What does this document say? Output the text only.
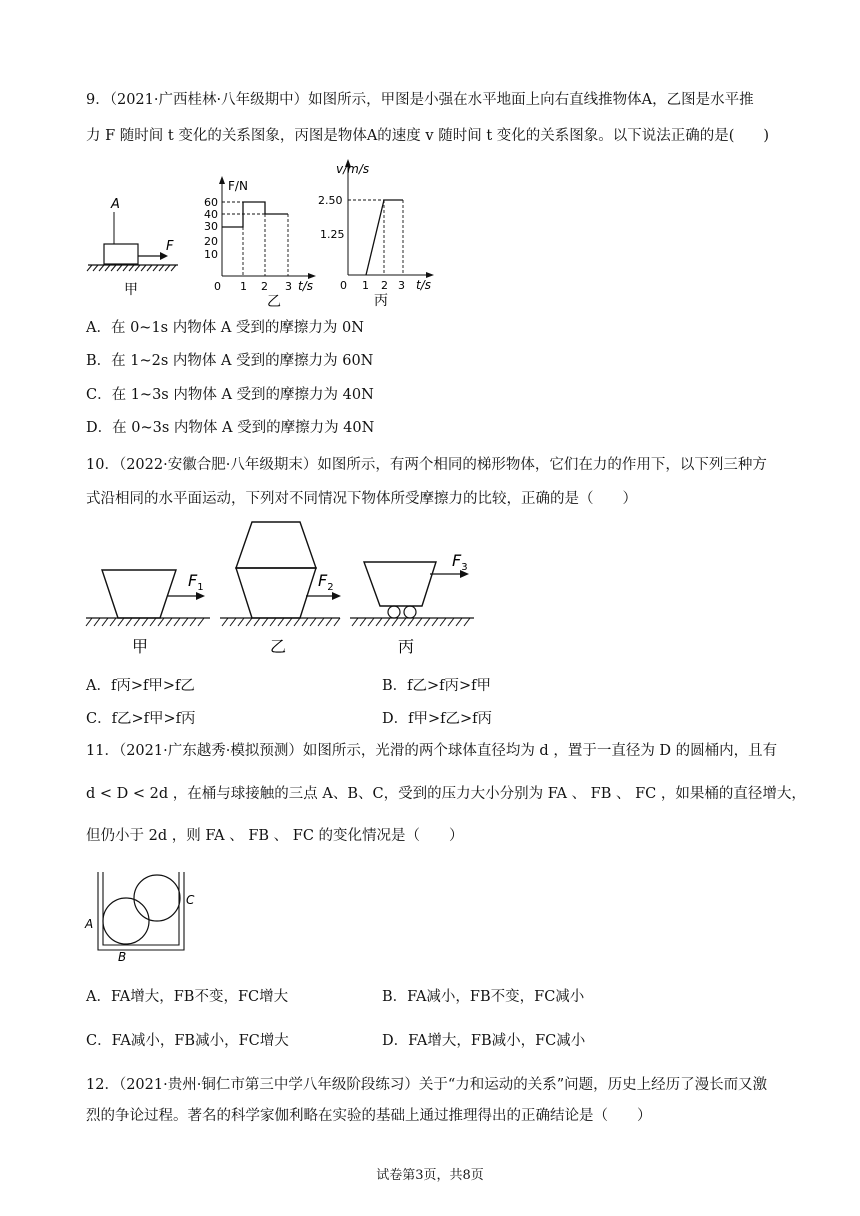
9．（2021·广西桂林·八年级期中）如图所示，甲图是小强在水平地面上向右直线推物体A，乙图是水平推
力 F 随时间 t 变化的关系图象，丙图是物体A的速度 v 随时间 t 变化的关系图象。以下说法正确的是(　　)
A
F
甲
F/N
60
40
30
20
10
0 1 2 3 t/s
乙
v/m/s
2.50
1.25
0 1 2 3 t/s
丙
A．在 0~1s 内物体 A 受到的摩擦力为 0N
B．在 1~2s 内物体 A 受到的摩擦力为 60N
C．在 1~3s 内物体 A 受到的摩擦力为 40N
D．在 0~3s 内物体 A 受到的摩擦力为 40N
10．（2022·安徽合肥·八年级期末）如图所示，有两个相同的梯形物体，它们在力的作用下，以下列三种方
式沿相同的水平面运动，下列对不同情况下物体所受摩擦力的比较，正确的是（　　）
$F_1$	$F_2$
$F_3$
甲	乙	丙
A．f丙>f甲>f乙	B．f乙>f丙>f甲
C．f乙>f甲>f丙	D．f甲>f乙>f丙
11．（2021·广东越秀·模拟预测）如图所示，光滑的两个球体直径均为 d ，置于一直径为 D 的圆桶内，且有
d < D < 2d ，在桶与球接触的三点 A、B、C，受到的压力大小分别为 FA 、 FB 、 FC ，如果桶的直径增大，
但仍小于 2d ，则 FA 、 FB 、 FC 的变化情况是（　　）
A
B
C
A．FA增大，FB不变，FC增大	B．FA减小，FB不变，FC减小
C．FA减小，FB减小，FC增大	D．FA增大，FB减小，FC减小
12．（2021·贵州·铜仁市第三中学八年级阶段练习）关于“力和运动的关系”问题，历史上经历了漫长而又激
烈的争论过程。著名的科学家伽利略在实验的基础上通过推理得出的正确结论是（　　）
试卷第3页，共8页
